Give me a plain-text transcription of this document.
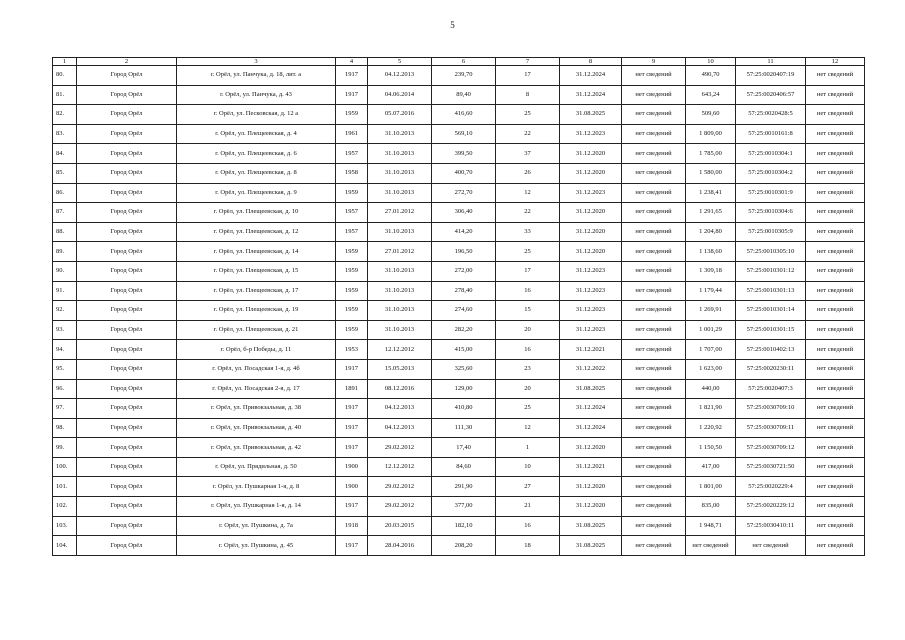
5
1	2	3	4	5	6	7	8	9	10	11	12
80.	Город Орёл	г. Орёл, ул. Панчука, д. 18, лит. а	1917	04.12.2013	239,70	17	31.12.2024	нет сведений	490,70	57:25:0020407:19	нет сведений
81.	Город Орёл	г. Орёл, ул. Панчука, д. 43	1917	04.06.2014	89,40	8	31.12.2024	нет сведений	643,24	57:25:0020406:57	нет сведений
82.	Город Орёл	г. Орёл, ул. Песковская, д. 12 а	1959	05.07.2016	416,60	25	31.08.2025	нет сведений	509,60	57:25:0020428:5	нет сведений
83.	Город Орёл	г. Орёл, ул. Плещеевская, д. 4	1961	31.10.2013	569,10	22	31.12.2023	нет сведений	1 809,00	57:25:0010161:8	нет сведений
84.	Город Орёл	г. Орёл, ул. Плещеевская, д. 6	1957	31.10.2013	399,50	37	31.12.2020	нет сведений	1 785,00	57:25:0010304:1	нет сведений
85.	Город Орёл	г. Орёл, ул. Плещеевская, д. 8	1958	31.10.2013	400,70	26	31.12.2020	нет сведений	1 580,00	57:25:0010304:2	нет сведений
86.	Город Орёл	г. Орёл, ул. Плещеевская, д. 9	1959	31.10.2013	272,70	12	31.12.2023	нет сведений	1 238,41	57:25:0010301:9	нет сведений
87.	Город Орёл	г. Орёл, ул. Плещеевская, д. 10	1957	27.01.2012	306,40	22	31.12.2020	нет сведений	1 291,65	57:25:0010304:6	нет сведений
88.	Город Орёл	г. Орёл, ул. Плещеевская, д. 12	1957	31.10.2013	414,20	33	31.12.2020	нет сведений	1 204,80	57:25:0010305:9	нет сведений
89.	Город Орёл	г. Орёл, ул. Плещеевская, д. 14	1959	27.01.2012	196,50	25	31.12.2020	нет сведений	1 138,60	57:25:0010305:10	нет сведений
90.	Город Орёл	г. Орёл, ул. Плещеевская, д. 15	1959	31.10.2013	272,00	17	31.12.2023	нет сведений	1 309,18	57:25:0010301:12	нет сведений
91.	Город Орёл	г. Орёл, ул. Плещеевская, д. 17	1959	31.10.2013	278,40	16	31.12.2023	нет сведений	1 179,44	57:25:0010301:13	нет сведений
92.	Город Орёл	г. Орёл, ул. Плещеевская, д. 19	1959	31.10.2013	274,60	15	31.12.2023	нет сведений	1 269,91	57:25:0010301:14	нет сведений
93.	Город Орёл	г. Орёл, ул. Плещеевская, д. 21	1959	31.10.2013	282,20	20	31.12.2023	нет сведений	1 001,29	57:25:0010301:15	нет сведений
94.	Город Орёл	г. Орёл, б-р Победы, д. 11	1953	12.12.2012	415,00	16	31.12.2021	нет сведений	1 707,00	57:25:0010402:13	нет сведений
95.	Город Орёл	г. Орёл, ул. Посадская 1-я, д. 4б	1917	15.05.2013	325,60	23	31.12.2022	нет сведений	1 623,00	57:25:0020230:11	нет сведений
96.	Город Орёл	г. Орёл, ул. Посадская 2-я, д. 17	1891	08.12.2016	129,00	20	31.08.2025	нет сведений	440,00	57:25:0020407:3	нет сведений
97.	Город Орёл	г. Орёл, ул. Привокзальная, д. 38	1917	04.12.2013	410,80	25	31.12.2024	нет сведений	1 821,90	57:25:0030709:10	нет сведений
98.	Город Орёл	г. Орёл, ул. Привокзальная, д. 40	1917	04.12.2013	111,30	12	31.12.2024	нет сведений	1 220,92	57:25:0030709:11	нет сведений
99.	Город Орёл	г. Орёл, ул. Привокзальная, д. 42	1917	29.02.2012	17,40	1	31.12.2020	нет сведений	1 150,50	57:25:0030709:12	нет сведений
100.	Город Орёл	г. Орёл, ул. Прядильная, д. 50	1900	12.12.2012	84,60	10	31.12.2021	нет сведений	417,00	57:25:0030721:50	нет сведений
101.	Город Орёл	г. Орёл, ул. Пушкарная 1-я, д. 8	1900	29.02.2012	291,90	27	31.12.2020	нет сведений	1 801,00	57:25:0020229:4	нет сведений
102.	Город Орёл	г. Орёл, ул. Пушкарная 1-я, д. 14	1917	29.02.2012	377,00	21	31.12.2020	нет сведений	835,00	57:25:0020229:12	нет сведений
103.	Город Орёл	г. Орёл, ул. Пушкина, д. 7а	1918	20.03.2015	182,10	16	31.08.2025	нет сведений	1 948,71	57:25:0030410:11	нет сведений
104.	Город Орёл	г. Орёл, ул. Пушкина, д. 45	1917	28.04.2016	208,20	18	31.08.2025	нет сведений	нет сведений	нет сведений	нет сведений
